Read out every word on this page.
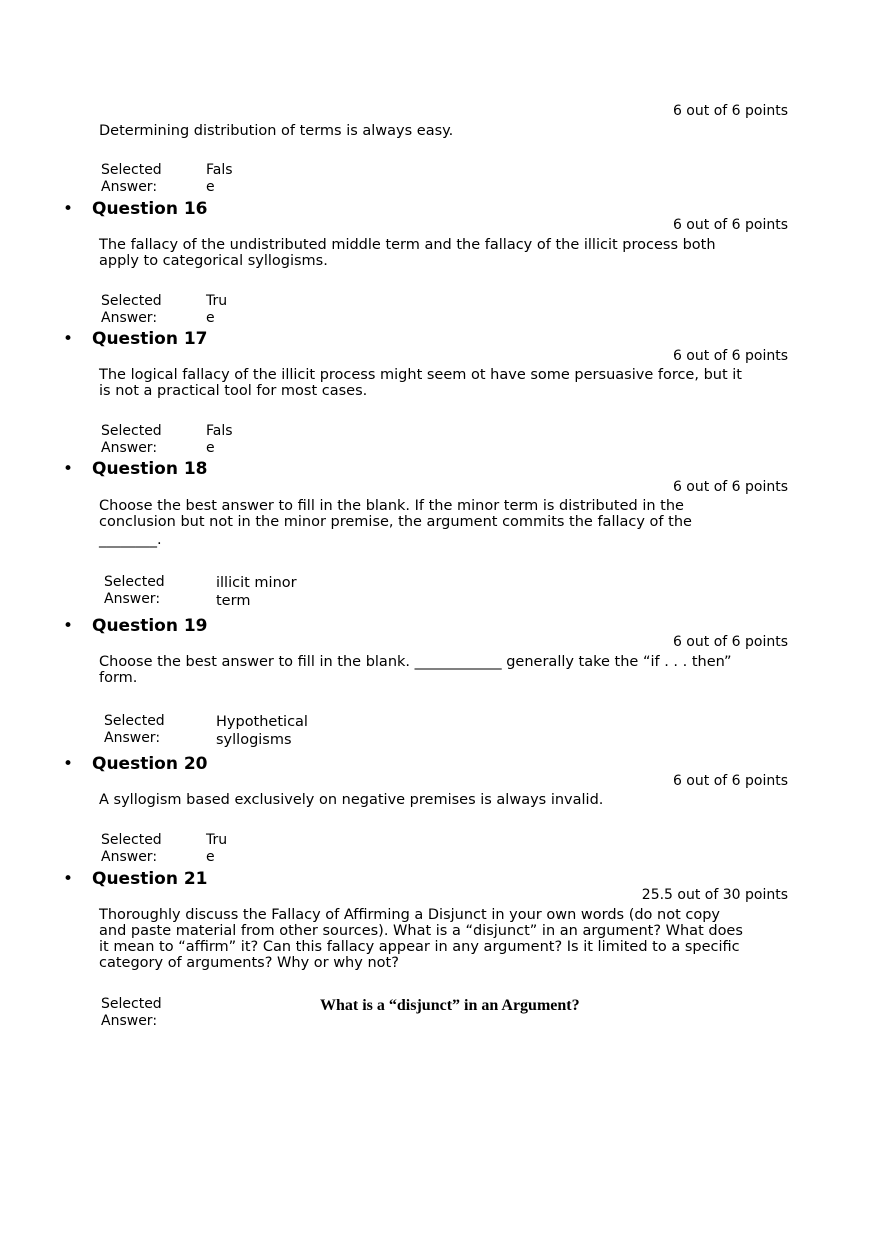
6 out of 6 points
Determining distribution of terms is always easy.
Selected
Answer:
Fals
e
• Question 16
6 out of 6 points
The fallacy of the undistributed middle term and the fallacy of the illicit process both
apply to categorical syllogisms.
Selected
Answer:
Tru
e
• Question 17
6 out of 6 points
The logical fallacy of the illicit process might seem ot have some persuasive force, but it
is not a practical tool for most cases.
Selected
Answer:
Fals
e
• Question 18
6 out of 6 points
Choose the best answer to fill in the blank. If the minor term is distributed in the
conclusion but not in the minor premise, the argument commits the fallacy of the
________.
Selected
Answer:
illicit minor
term
• Question 19
6 out of 6 points
Choose the best answer to fill in the blank. ____________ generally take the “if . . . then”
form.
Selected
Answer:
Hypothetical
syllogisms
• Question 20
6 out of 6 points
A syllogism based exclusively on negative premises is always invalid.
Selected
Answer:
Tru
e
• Question 21
25.5 out of 30 points
Thoroughly discuss the Fallacy of Afﬁrming a Disjunct in your own words (do not copy
and paste material from other sources). What is a “disjunct” in an argument? What does
it mean to “afﬁrm” it? Can this fallacy appear in any argument? Is it limited to a specific
category of arguments? Why or why not?
Selected
Answer:
What is a “disjunct” in an Argument?
